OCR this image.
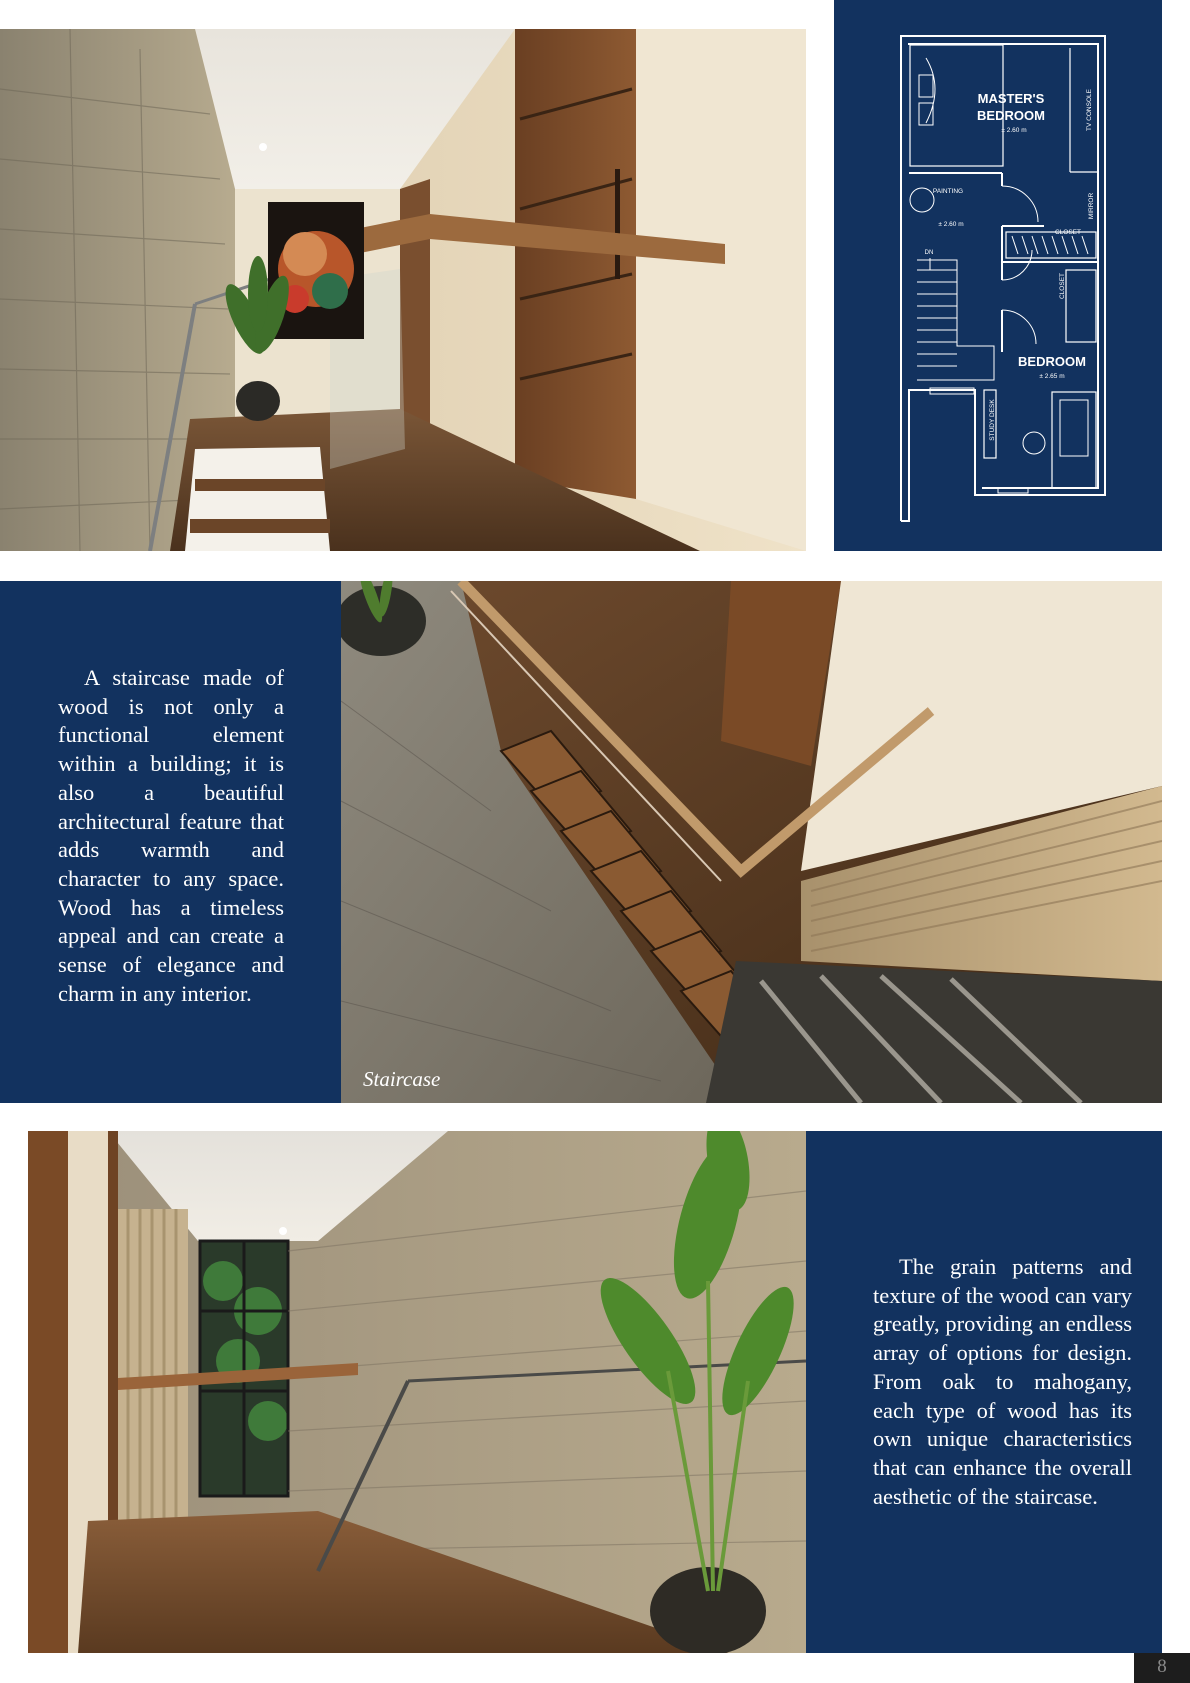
MASTER'S
BEDROOM
± 2.60 m
BEDROOM
± 2.65 m
PAINTING
± 2.60 m
CLOSET
DN
TV CONSOLE
MIRROR
CLOSET
STUDY DESK
Staircase

A staircase made of wood is not only a functional element within a building; it is also a beautiful architectural feature that adds warmth and character to any space. Wood has a timeless appeal and can create a sense of elegance and charm in any interior.

The grain patterns and texture of the wood can vary greatly, providing an endless array of options for design. From oak to mahogany, each type of wood has its own unique characteristics that can enhance the overall aesthetic of the staircase.

8
